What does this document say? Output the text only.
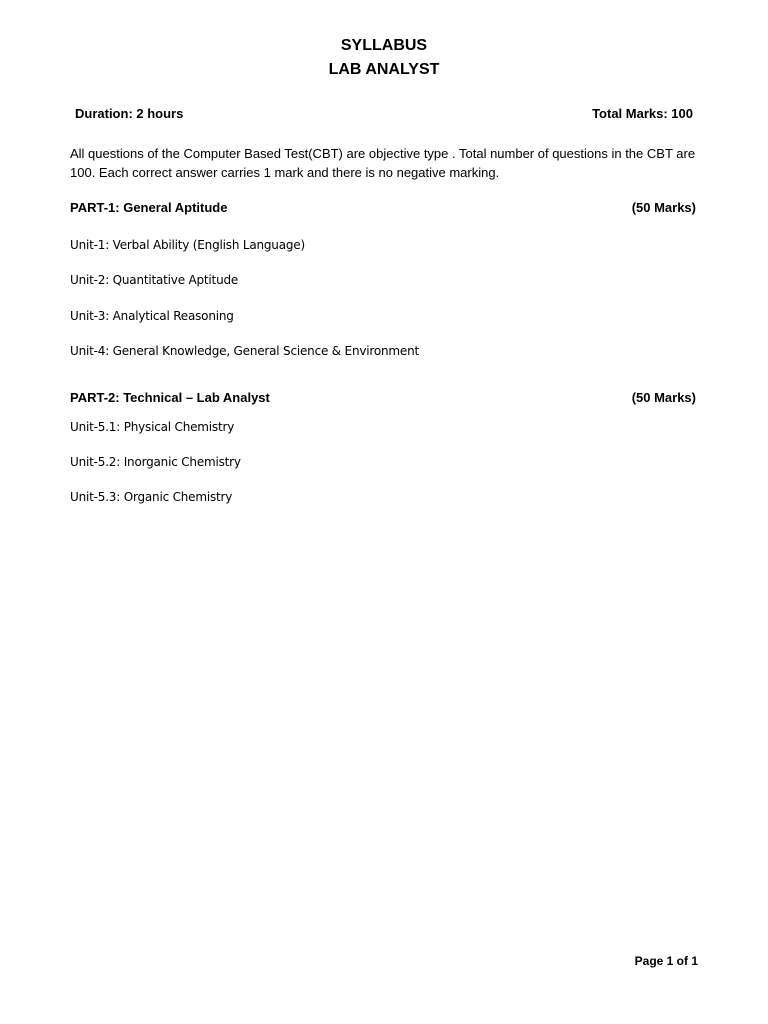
SYLLABUS
LAB ANALYST
Duration: 2 hours	Total Marks: 100
All questions of the Computer Based Test(CBT) are objective type . Total number of questions in the CBT are 100. Each correct answer carries 1 mark and there is no negative marking.
PART-1: General Aptitude	(50 Marks)
Unit-1: Verbal Ability (English Language)
Unit-2: Quantitative Aptitude
Unit-3: Analytical Reasoning
Unit-4: General Knowledge, General Science & Environment
PART-2: Technical – Lab Analyst	(50 Marks)
Unit-5.1: Physical Chemistry
Unit-5.2: Inorganic Chemistry
Unit-5.3: Organic Chemistry
Page 1 of 1
